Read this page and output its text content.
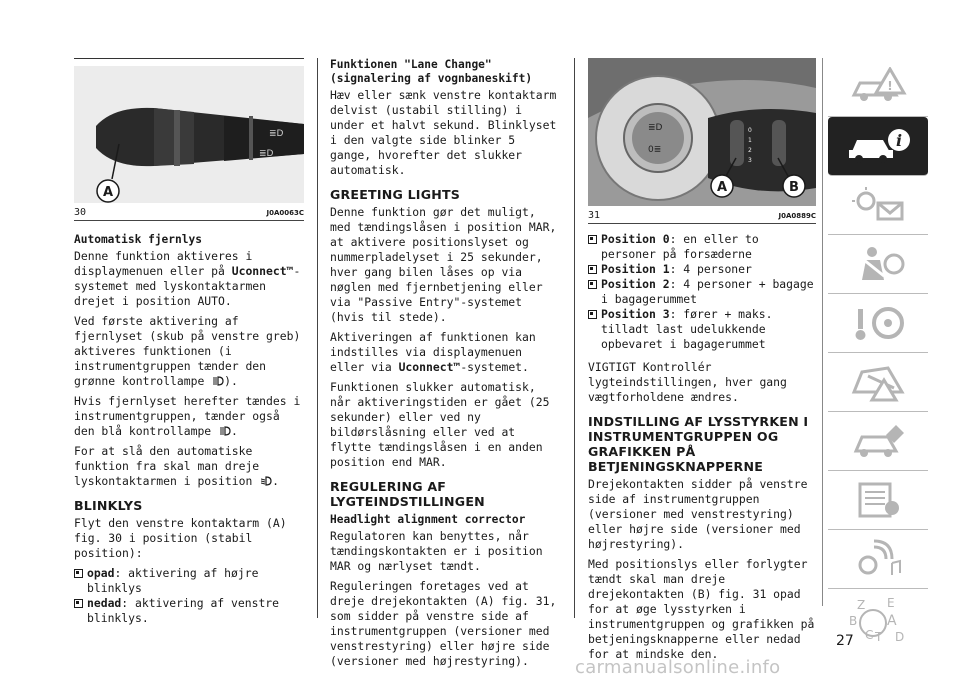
≣D
≣D
A
30	J0A0063C
Automatisk fjernlys

Denne funktion aktiveres i displaymenuen eller på Uconnect™-systemet med lyskontaktarmen drejet i position AUTO.

Ved første aktivering af fjernlyset (skub på venstre greb) aktiveres funktionen (i instrumentgruppen tænder den grønne kontrollampe ).

Hvis fjernlyset herefter tændes i instrumentgruppen, tænder også den blå kontrollampe .

For at slå den automatiske funktion fra skal man dreje lyskontaktarmen i position .

BLINKLYS

Flyt den venstre kontaktarm (A) fig. 30 i position (stabil position):

opad: aktivering af højre blinklys
nedad: aktivering af venstre blinklys.
Funktionen "Lane Change" (signalering af vognbaneskift)

Hæv eller sænk venstre kontaktarm delvist (ustabil stilling) i under et halvt sekund. Blinklyset i den valgte side blinker 5 gange, hvorefter det slukker automatisk.

GREETING LIGHTS

Denne funktion gør det muligt, med tændingslåsen i position MAR, at aktivere positionslyset og nummerpladelyset i 25 sekunder, hver gang bilen låses op via nøglen med fjernbetjening eller via "Passive Entry"-systemet (hvis til stede).

Aktiveringen af funktionen kan indstilles via displaymenuen eller via Uconnect™-systemet.

Funktionen slukker automatisk, når aktiveringstiden er gået (25 sekunder) eller ved ny bildørslåsning eller ved at flytte tændingslåsen i en anden position end MAR.

REGULERING AF LYGTEINDSTILLINGEN
Headlight alignment corrector

Regulatoren kan benyttes, når tændingskontakten er i position MAR og nærlyset tændt.

Reguleringen foretages ved at dreje drejekontakten (A) fig. 31, som sidder på venstre side af instrumentgruppen (versioner med venstrestyring) eller højre side (versioner med højrestyring).

≣D
0≣
0
1
2
3
A	B
31	J0A0889C
Position 0: en eller to personer på forsæderne
Position 1: 4 personer
Position 2: 4 personer + bagage i bagagerummet
Position 3: fører + maks. tilladt last udelukkende opbevaret i bagagerummet

VIGTIGT Kontrollér lygteindstillingen, hver gang vægtforholdene ændres.

INDSTILLING AF LYSSTYRKEN I INSTRUMENTGRUPPEN OG GRAFIKKEN PÅ BETJENINGSKNAPPERNE

Drejekontakten sidder på venstre side af instrumentgruppen (versioner med venstrestyring) eller højre side (versioner med højrestyring).

Med positionslys eller forlygter tændt skal man dreje drejekontakten (B) fig. 31 opad for at øge lysstyrken i instrumentgruppen og grafikken på betjeningsknapperne eller nedad for at mindske den.

!
i
Z E
B A
C T D
27
carmanualsonline.info
